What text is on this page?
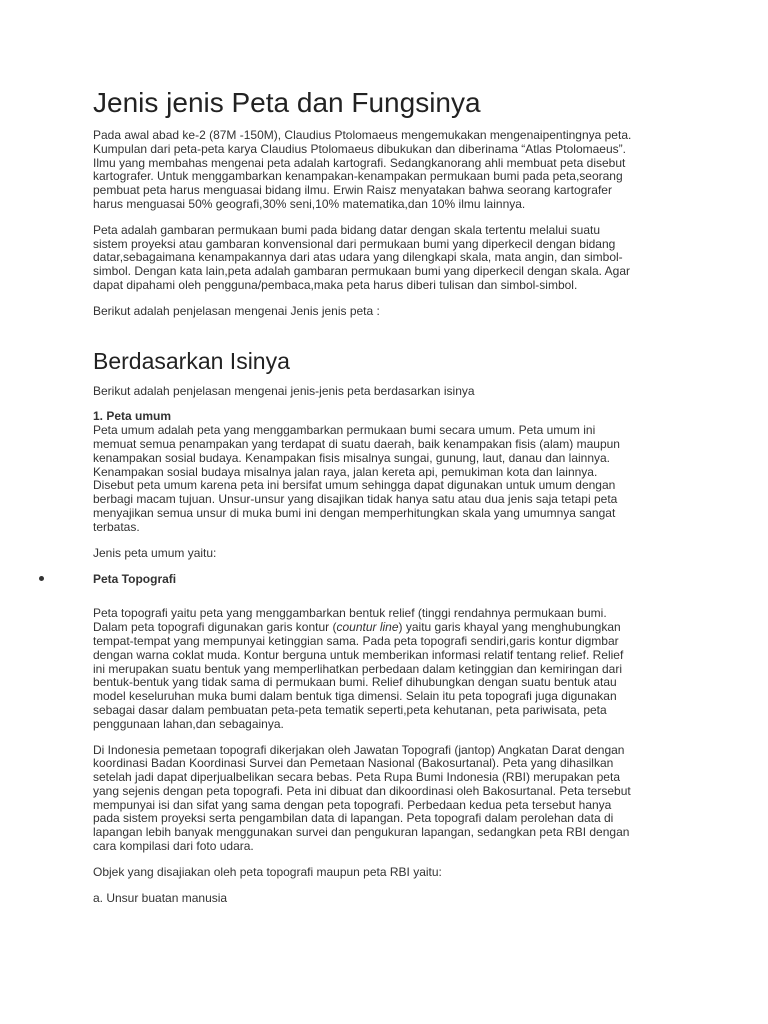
Jenis jenis Peta dan Fungsinya

Pada awal abad ke-2 (87M -150M), Claudius Ptolomaeus mengemukakan mengenaipentingnya peta.
Kumpulan dari peta-peta karya Claudius Ptolomaeus dibukukan dan diberinama “Atlas Ptolomaeus”.
Ilmu yang membahas mengenai peta adalah kartografi. Sedangkanorang ahli membuat peta disebut
kartografer. Untuk menggambarkan kenampakan-kenampakan permukaan bumi pada peta,seorang
pembuat peta harus menguasai bidang ilmu. Erwin Raisz menyatakan bahwa seorang kartografer
harus menguasai 50% geografi,30% seni,10% matematika,dan 10% ilmu lainnya.

Peta adalah gambaran permukaan bumi pada bidang datar dengan skala tertentu melalui suatu
sistem proyeksi atau gambaran konvensional dari permukaan bumi yang diperkecil dengan bidang
datar,sebagaimana kenampakannya dari atas udara yang dilengkapi skala, mata angin, dan simbol-
simbol. Dengan kata lain,peta adalah gambaran permukaan bumi yang diperkecil dengan skala. Agar
dapat dipahami oleh pengguna/pembaca,maka peta harus diberi tulisan dan simbol-simbol.

Berikut adalah penjelasan mengenai Jenis jenis peta :

Berdasarkan Isinya

Berikut adalah penjelasan mengenai jenis-jenis peta berdasarkan isinya

1. Peta umum
Peta umum adalah peta yang menggambarkan permukaan bumi secara umum. Peta umum ini
memuat semua penampakan yang terdapat di suatu daerah, baik kenampakan fisis (alam) maupun
kenampakan sosial budaya. Kenampakan fisis misalnya sungai, gunung, laut, danau dan lainnya.
Kenampakan sosial budaya misalnya jalan raya, jalan kereta api, pemukiman kota dan lainnya.
Disebut peta umum karena peta ini bersifat umum sehingga dapat digunakan untuk umum dengan
berbagi macam tujuan. Unsur-unsur yang disajikan tidak hanya satu atau dua jenis saja tetapi peta
menyajikan semua unsur di muka bumi ini dengan memperhitungkan skala yang umumnya sangat
terbatas.

Jenis peta umum yaitu:

Peta Topografi

Peta topografi yaitu peta yang menggambarkan bentuk relief (tinggi rendahnya permukaan bumi.
Dalam peta topografi digunakan garis kontur (countur line) yaitu garis khayal yang menghubungkan
tempat-tempat yang mempunyai ketinggian sama. Pada peta topografi sendiri,garis kontur digmbar
dengan warna coklat muda. Kontur berguna untuk memberikan informasi relatif tentang relief. Relief
ini merupakan suatu bentuk yang memperlihatkan perbedaan dalam ketinggian dan kemiringan dari
bentuk-bentuk yang tidak sama di permukaan bumi. Relief dihubungkan dengan suatu bentuk atau
model keseluruhan muka bumi dalam bentuk tiga dimensi. Selain itu peta topografi juga digunakan
sebagai dasar dalam pembuatan peta-peta tematik seperti,peta kehutanan, peta pariwisata, peta
penggunaan lahan,dan sebagainya.

Di Indonesia pemetaan topografi dikerjakan oleh Jawatan Topografi (jantop) Angkatan Darat dengan
koordinasi Badan Koordinasi Survei dan Pemetaan Nasional (Bakosurtanal). Peta yang dihasilkan
setelah jadi dapat diperjualbelikan secara bebas. Peta Rupa Bumi Indonesia (RBI) merupakan peta
yang sejenis dengan peta topografi. Peta ini dibuat dan dikoordinasi oleh Bakosurtanal. Peta tersebut
mempunyai isi dan sifat yang sama dengan peta topografi. Perbedaan kedua peta tersebut hanya
pada sistem proyeksi serta pengambilan data di lapangan. Peta topografi dalam perolehan data di
lapangan lebih banyak menggunakan survei dan pengukuran lapangan, sedangkan peta RBI dengan
cara kompilasi dari foto udara.

Objek yang disajiakan oleh peta topografi maupun peta RBI yaitu:

a. Unsur buatan manusia
